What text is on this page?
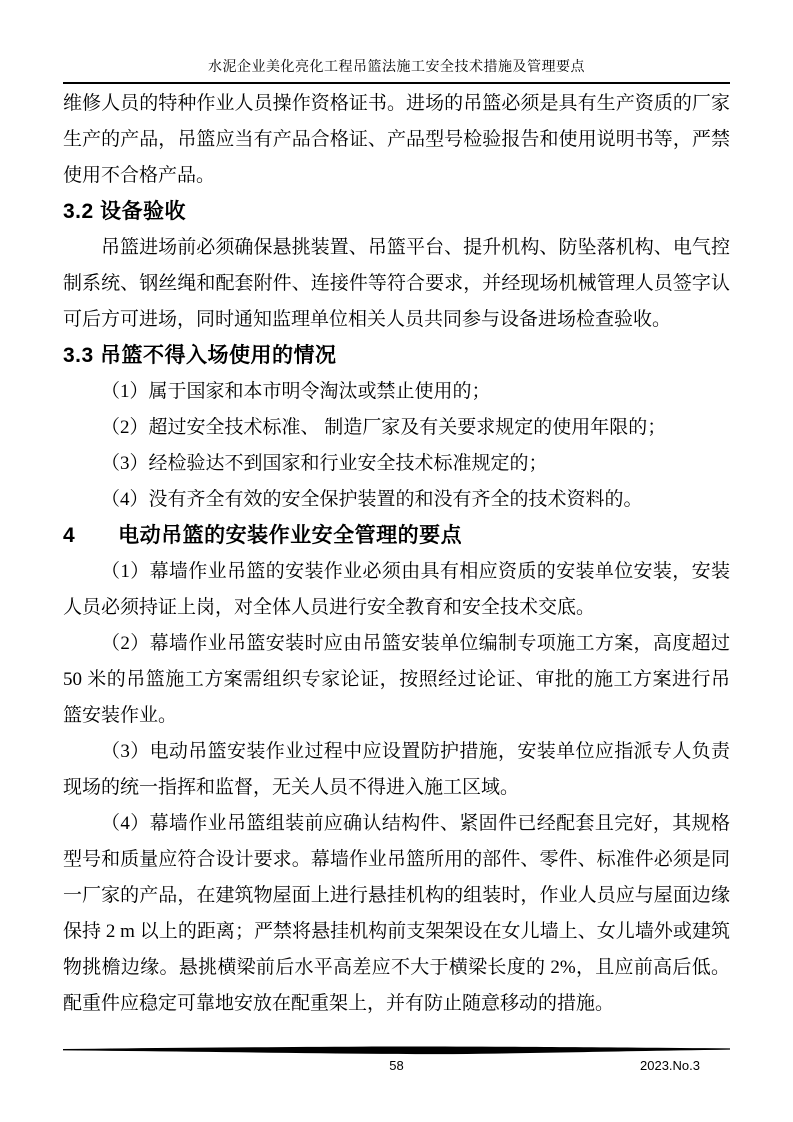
水泥企业美化亮化工程吊篮法施工安全技术措施及管理要点

维修人员的特种作业人员操作资格证书。进场的吊篮必须是具有生产资质的厂家生产的产品，吊篮应当有产品合格证、产品型号检验报告和使用说明书等，严禁使用不合格产品。

3.2 设备验收

吊篮进场前必须确保悬挑装置、吊篮平台、提升机构、防坠落机构、电气控制系统、钢丝绳和配套附件、连接件等符合要求，并经现场机械管理人员签字认可后方可进场，同时通知监理单位相关人员共同参与设备进场检查验收。

3.3 吊篮不得入场使用的情况

（1）属于国家和本市明令淘汰或禁止使用的；

（2）超过安全技术标准、 制造厂家及有关要求规定的使用年限的；

（3）经检验达不到国家和行业安全技术标准规定的；

（4）没有齐全有效的安全保护装置的和没有齐全的技术资料的。

4　　电动吊篮的安装作业安全管理的要点

（1）幕墙作业吊篮的安装作业必须由具有相应资质的安装单位安装，安装人员必须持证上岗，对全体人员进行安全教育和安全技术交底。

（2）幕墙作业吊篮安装时应由吊篮安装单位编制专项施工方案，高度超过 50 米的吊篮施工方案需组织专家论证，按照经过论证、审批的施工方案进行吊篮安装作业。

（3）电动吊篮安装作业过程中应设置防护措施，安装单位应指派专人负责现场的统一指挥和监督，无关人员不得进入施工区域。

（4）幕墙作业吊篮组装前应确认结构件、紧固件已经配套且完好，其规格型号和质量应符合设计要求。幕墙作业吊篮所用的部件、零件、标准件必须是同一厂家的产品，在建筑物屋面上进行悬挂机构的组装时，作业人员应与屋面边缘保持 2 m 以上的距离；严禁将悬挂机构前支架架设在女儿墙上、女儿墙外或建筑物挑檐边缘。悬挑横梁前后水平高差应不大于横梁长度的 2%，且应前高后低。配重件应稳定可靠地安放在配重架上，并有防止随意移动的措施。

58	2023.No.3
